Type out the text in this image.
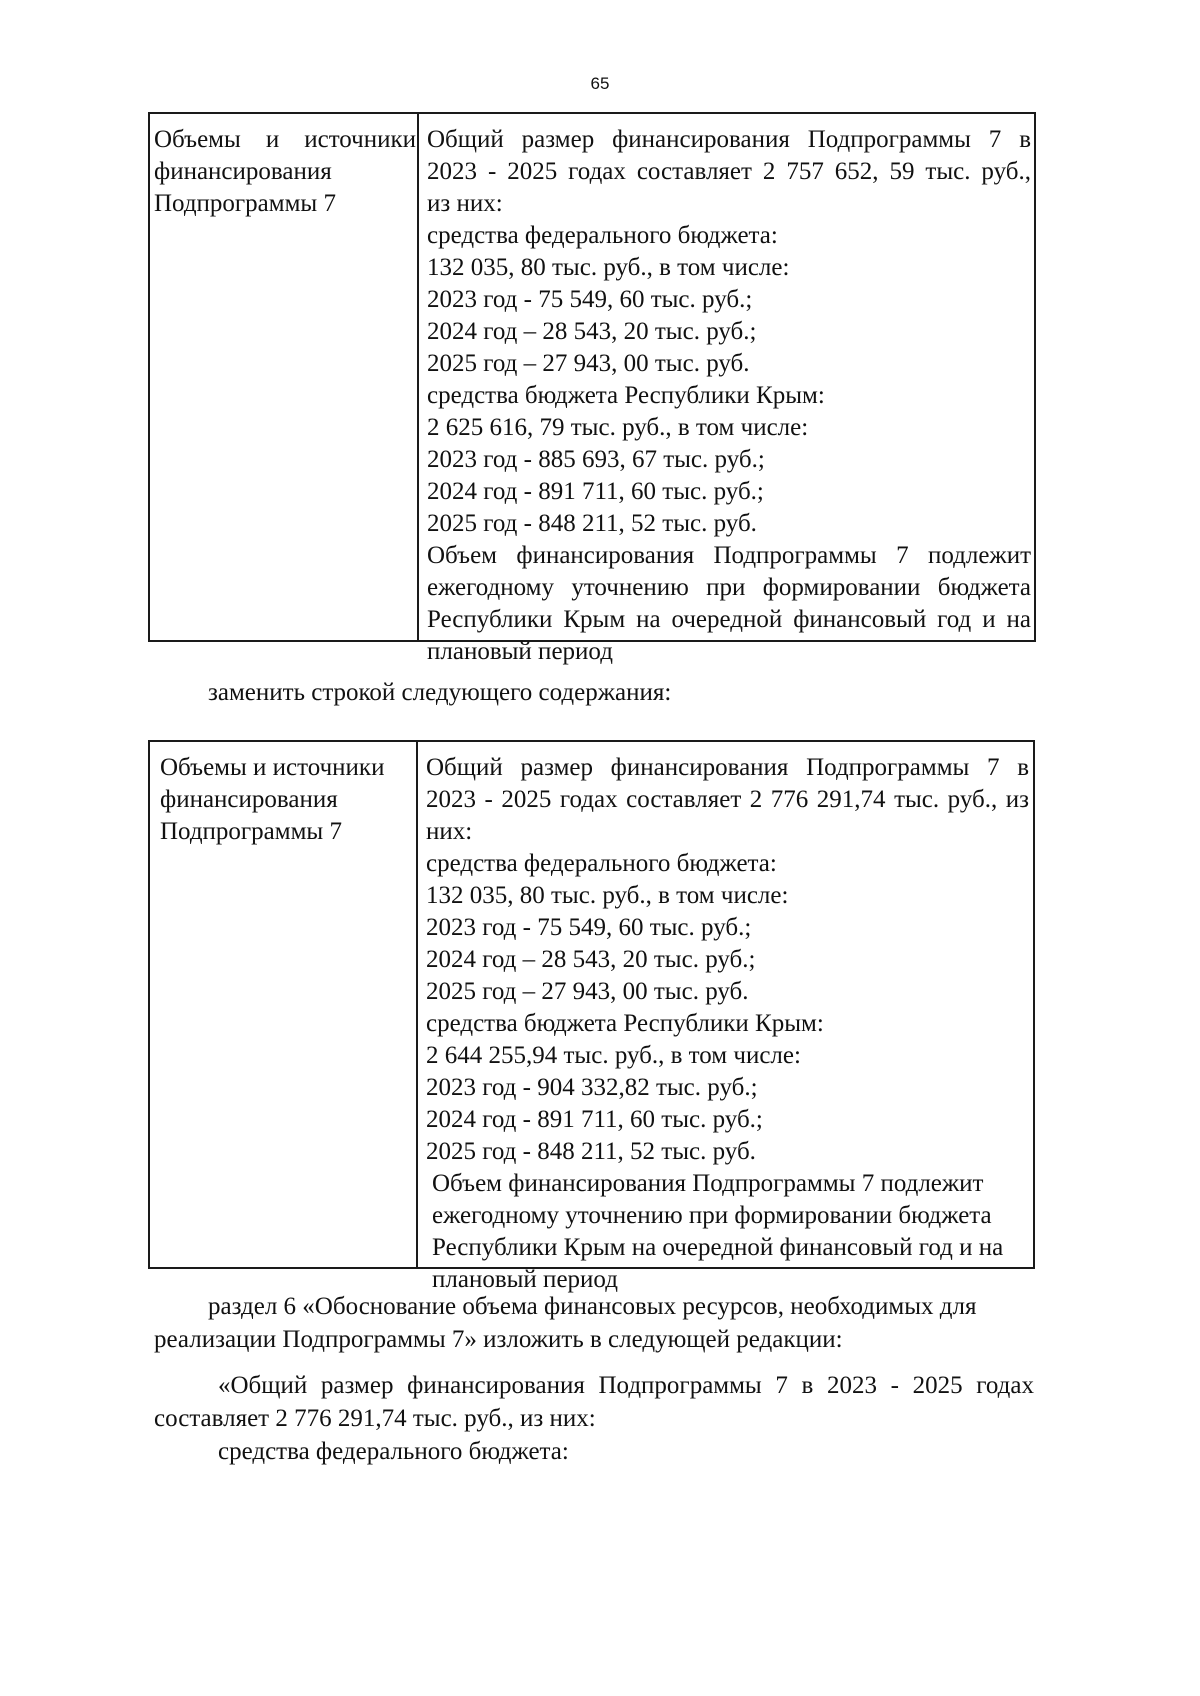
65
Объемы и источники
финансирования
Подпрограммы 7
Общий размер финансирования Подпрограммы 7 в
2023 - 2025 годах составляет 2 757 652, 59 тыс. руб.,
из них:
средства федерального бюджета:
132 035, 80 тыс. руб., в том числе:
2023 год - 75 549, 60 тыс. руб.;
2024 год – 28 543, 20 тыс. руб.;
2025 год – 27 943, 00 тыс. руб.
средства бюджета Республики Крым:
2 625 616, 79 тыс. руб., в том числе:
2023 год - 885 693, 67 тыс. руб.;
2024 год - 891 711, 60 тыс. руб.;
2025 год - 848 211, 52 тыс. руб.
Объем финансирования Подпрограммы 7 подлежит
ежегодному уточнению при формировании бюджета
Республики Крым на очередной финансовый год и на
плановый период
заменить строкой следующего содержания:
Объемы и источники
финансирования
Подпрограммы 7
Общий размер финансирования Подпрограммы 7 в
2023 - 2025 годах составляет 2 776 291,74 тыс. руб., из
них:
средства федерального бюджета:
132 035, 80 тыс. руб., в том числе:
2023 год - 75 549, 60 тыс. руб.;
2024 год – 28 543, 20 тыс. руб.;
2025 год – 27 943, 00 тыс. руб.
средства бюджета Республики Крым:
2 644 255,94 тыс. руб., в том числе:
2023 год - 904 332,82 тыс. руб.;
2024 год - 891 711, 60 тыс. руб.;
2025 год - 848 211, 52 тыс. руб.
Объем финансирования Подпрограммы 7 подлежит
ежегодному уточнению при формировании бюджета
Республики Крым на очередной финансовый год и на
плановый период
раздел 6 «Обоснование объема финансовых ресурсов, необходимых для
реализации Подпрограммы 7» изложить в следующей редакции:
«Общий размер финансирования Подпрограммы 7 в 2023 - 2025 годах
составляет 2 776 291,74 тыс. руб., из них:
средства федерального бюджета:
